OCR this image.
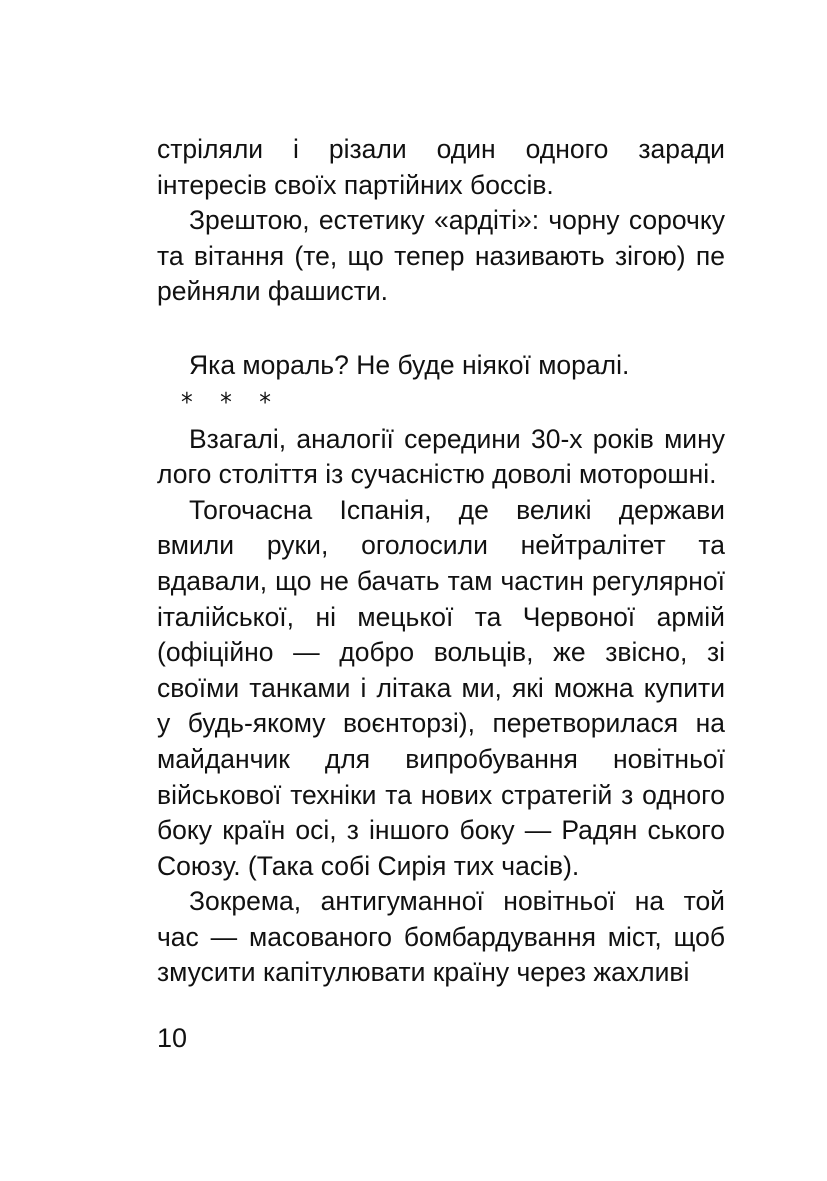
стріляли і різали один одного заради інтересів своїх партійних боссів.

Зрештою, естетику «ардіті»: чорну сорочку та вітання (те, що тепер називають зігою) пе рейняли фашисти.

Яка мораль? Не буде ніякої моралі.

* * *

Взагалі, аналогії середини 30-х років мину лого століття із сучасністю доволі моторошні.

Тогочасна Іспанія, де великі держави вмили руки, оголосили нейтралітет та вдавали, що не бачать там частин регулярної італійської, ні мецької та Червоної армій (офіційно — добро вольців, же звісно, зі своїми танками і літака ми, які можна купити у будь-якому воєнторзі), перетворилася на майданчик для випробування новітньої військової техніки та нових стратегій з одного боку країн осі, з іншого боку — Радян ського Союзу. (Така собі Сирія тих часів).

Зокрема, антигуманної новітньої на той час — масованого бомбардування міст, щоб змусити капітулювати країну через жахливі

10
